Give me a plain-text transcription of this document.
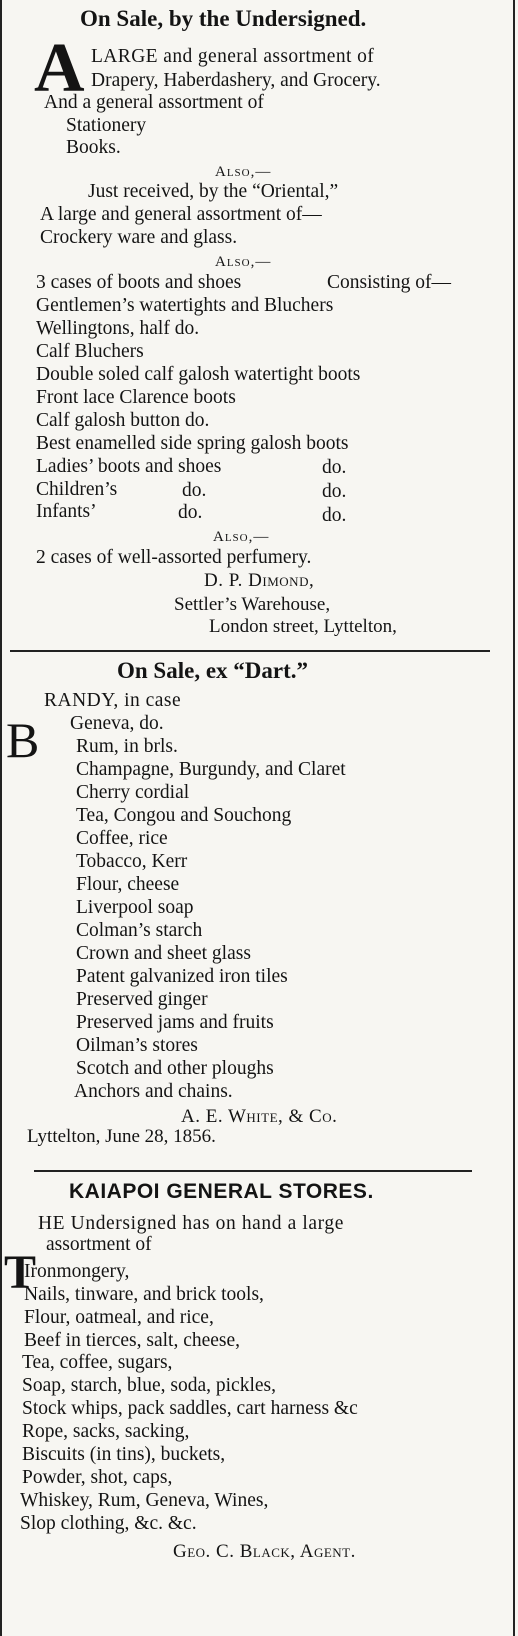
On Sale, by the Undersigned.
A LARGE and general assortment of
Drapery, Haberdashery, and Grocery.
And a general assortment of
Stationery
Books.
Also,—
Just received, by the “Oriental,”
A large and general assortment of—
Crockery ware and glass.
Also,—
3 cases of boots and shoes	Consisting of—
Gentlemen’s watertights and Bluchers
Wellingtons, half do.
Calf Bluchers
Double soled calf galosh watertight boots
Front lace Clarence boots
Calf galosh button do.
Best enamelled side spring galosh boots
Ladies’ boots and shoes	do.
Children’s	do.	do.
Infants’	do.	do.
Also,—
2 cases of well-assorted perfumery.
D. P. Dimond,
Settler’s Warehouse,
London street, Lyttelton,
On Sale, ex “Dart.”
B
RANDY, in case
Geneva, do.
Rum, in brls.
Champagne, Burgundy, and Claret
Cherry cordial
Tea, Congou and Souchong
Coffee, rice
Tobacco, Kerr
Flour, cheese
Liverpool soap
Colman’s starch
Crown and sheet glass
Patent galvanized iron tiles
Preserved ginger
Preserved jams and fruits
Oilman’s stores
Scotch and other ploughs
Anchors and chains.
A. E. White, & Co.
Lyttelton, June 28, 1856.
KAIAPOI GENERAL STORES.
T
HE Undersigned has on hand a large
assortment of
Ironmongery,
Nails, tinware, and brick tools,
Flour, oatmeal, and rice,
Beef in tierces, salt, cheese,
Tea, coffee, sugars,
Soap, starch, blue, soda, pickles,
Stock whips, pack saddles, cart harness &c
Rope, sacks, sacking,
Biscuits (in tins), buckets,
Powder, shot, caps,
Whiskey, Rum, Geneva, Wines,
Slop clothing, &c. &c.
Geo. C. Black, Agent.
